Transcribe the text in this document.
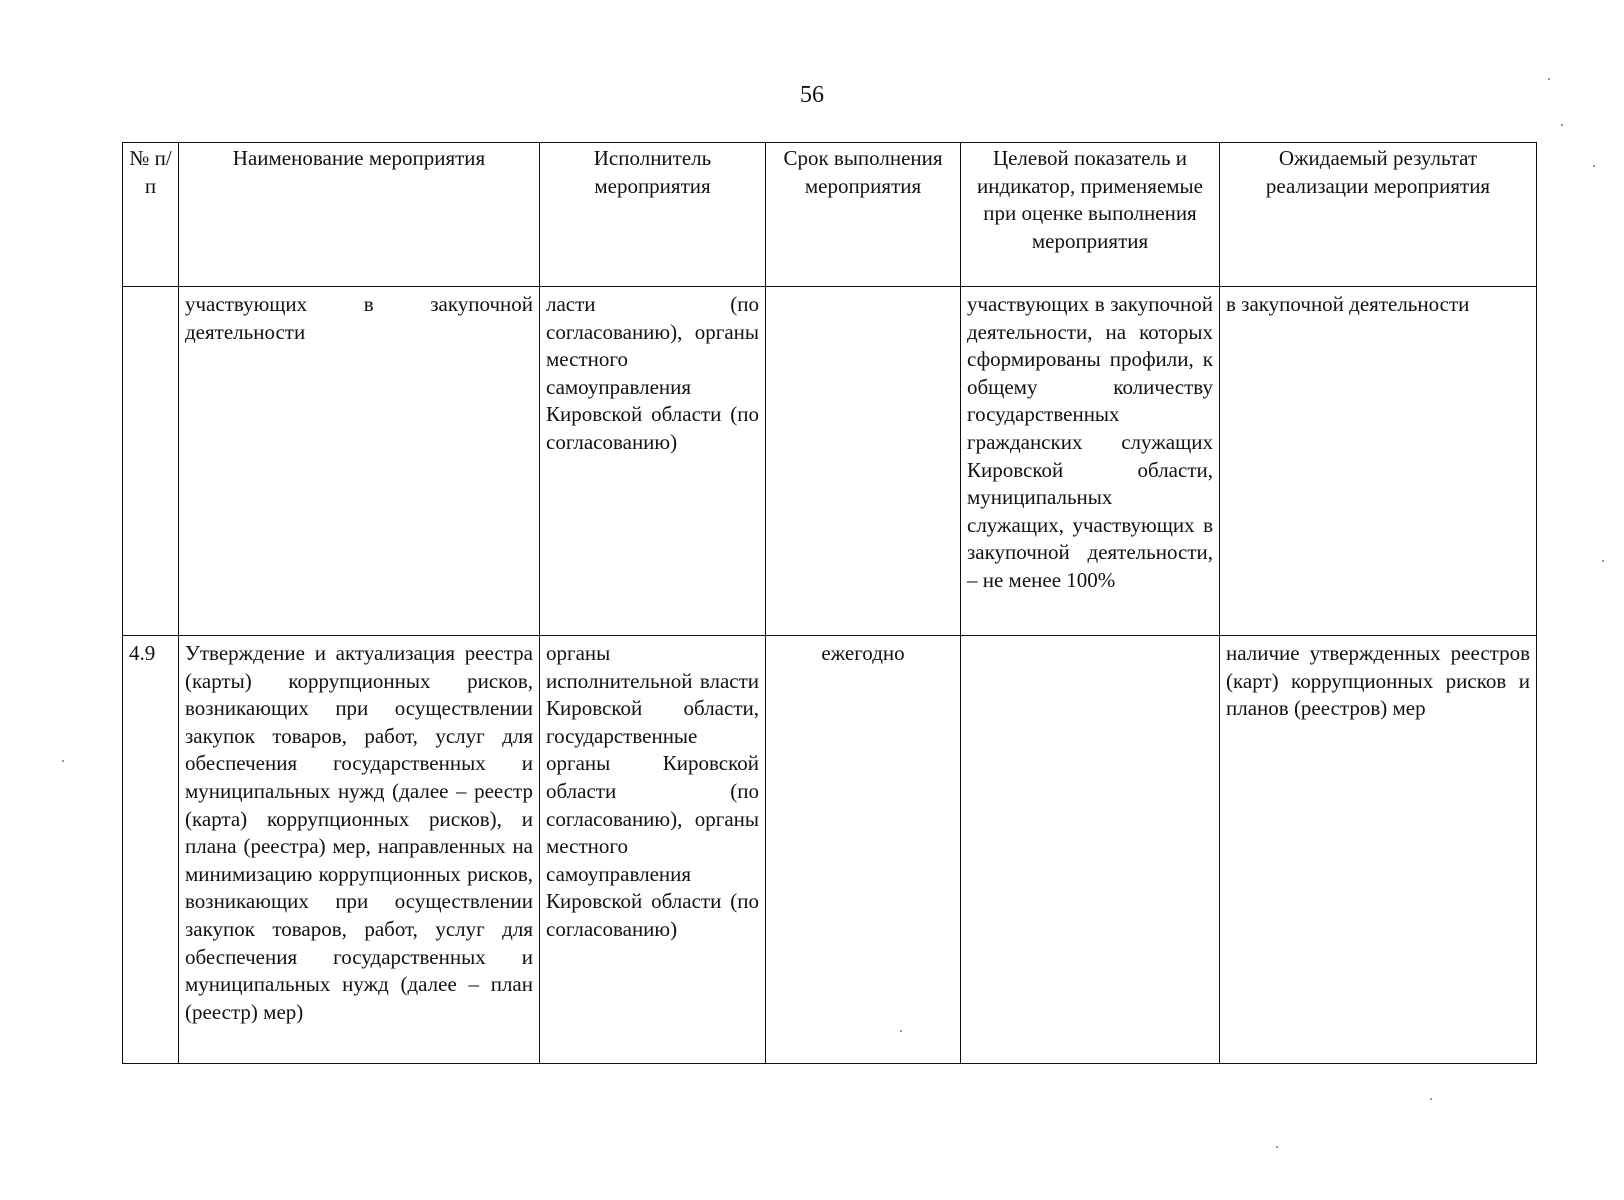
56
№ п/п	Наименование мероприятия	Исполнитель мероприятия	Срок выполнения мероприятия	Целевой показатель и индикатор, применяемые при оценке выполнения мероприятия	Ожидаемый результат реализации мероприятия
	участвующих в закупочной деятельности	ласти (по согласованию), органы местного самоуправления Кировской области (по согласованию)		участвующих в закупочной деятельности, на которых сформированы профили, к общему количеству государственных гражданских служащих Кировской области, муниципальных служащих, участвующих в закупочной деятельности, – не менее 100%	в закупочной деятельности
4.9	Утверждение и актуализация реестра (карты) коррупционных рисков, возникающих при осуществлении закупок товаров, работ, услуг для обеспечения государственных и муниципальных нужд (далее – реестр (карта) коррупционных рисков), и плана (реестра) мер, направленных на минимизацию коррупционных рисков, возникающих при осуществлении закупок товаров, работ, услуг для обеспечения государственных и муниципальных нужд (далее – план (реестр) мер)	органы исполнительной власти Кировской области, государственные органы Кировской области (по согласованию), органы местного самоуправления Кировской области (по согласованию)	ежегодно		наличие утвержденных реестров (карт) коррупционных рисков и планов (реестров) мер
